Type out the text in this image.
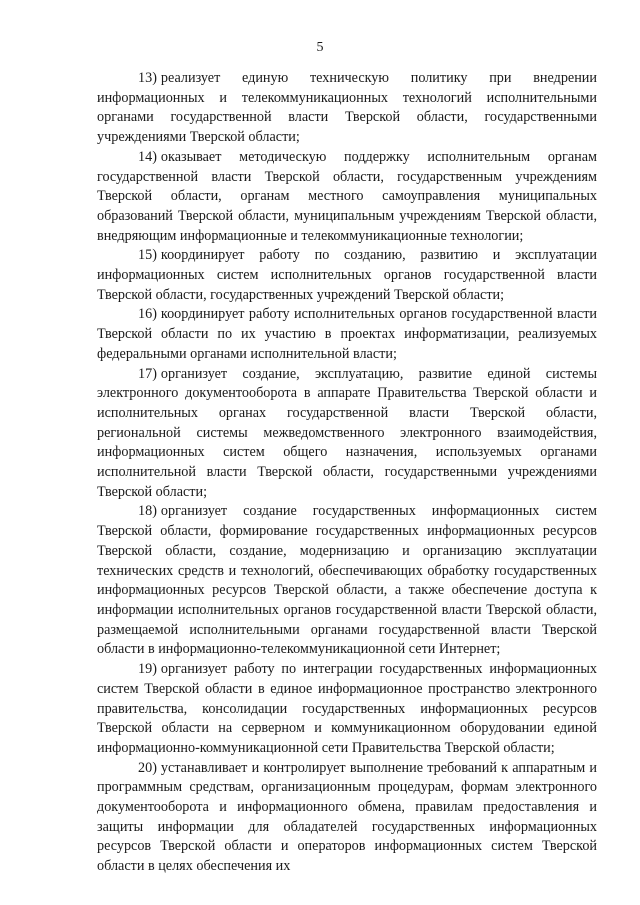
5

13) реализует единую техническую политику при внедрении информационных и телекоммуникационных технологий исполнительными органами государственной власти Тверской области, государственными учреждениями Тверской области;

14) оказывает методическую поддержку исполнительным органам государственной власти Тверской области, государственным учреждениям Тверской области, органам местного самоуправления муниципальных образований Тверской области, муниципальным учреждениям Тверской области, внедряющим информационные и телекоммуникационные технологии;

15) координирует работу по созданию, развитию и эксплуатации информационных систем исполнительных органов государственной власти Тверской области, государственных учреждений Тверской области;

16) координирует работу исполнительных органов государственной власти Тверской области по их участию в проектах информатизации, реализуемых федеральными органами исполнительной власти;

17) организует создание, эксплуатацию, развитие единой системы электронного документооборота в аппарате Правительства Тверской области и исполнительных органах государственной власти Тверской области, региональной системы межведомственного электронного взаимодействия, информационных систем общего назначения, используемых органами исполнительной власти Тверской области, государственными учреждениями Тверской области;

18) организует создание государственных информационных систем Тверской области, формирование государственных информационных ресурсов Тверской области, создание, модернизацию и организацию эксплуатации технических средств и технологий, обеспечивающих обработку государственных информационных ресурсов Тверской области, а также обеспечение доступа к информации исполнительных органов государственной власти Тверской области, размещаемой исполнительными органами государственной власти Тверской области в информационно-телекоммуникационной сети Интернет;

19) организует работу по интеграции государственных информационных систем Тверской области в единое информационное пространство электронного правительства, консолидации государственных информационных ресурсов Тверской области на серверном и коммуникационном оборудовании единой информационно-коммуникационной сети Правительства Тверской области;

20) устанавливает и контролирует выполнение требований к аппаратным и программным средствам, организационным процедурам, формам электронного документооборота и информационного обмена, правилам предоставления и защиты информации для обладателей государственных информационных ресурсов Тверской области и операторов информационных систем Тверской области в целях обеспечения их
